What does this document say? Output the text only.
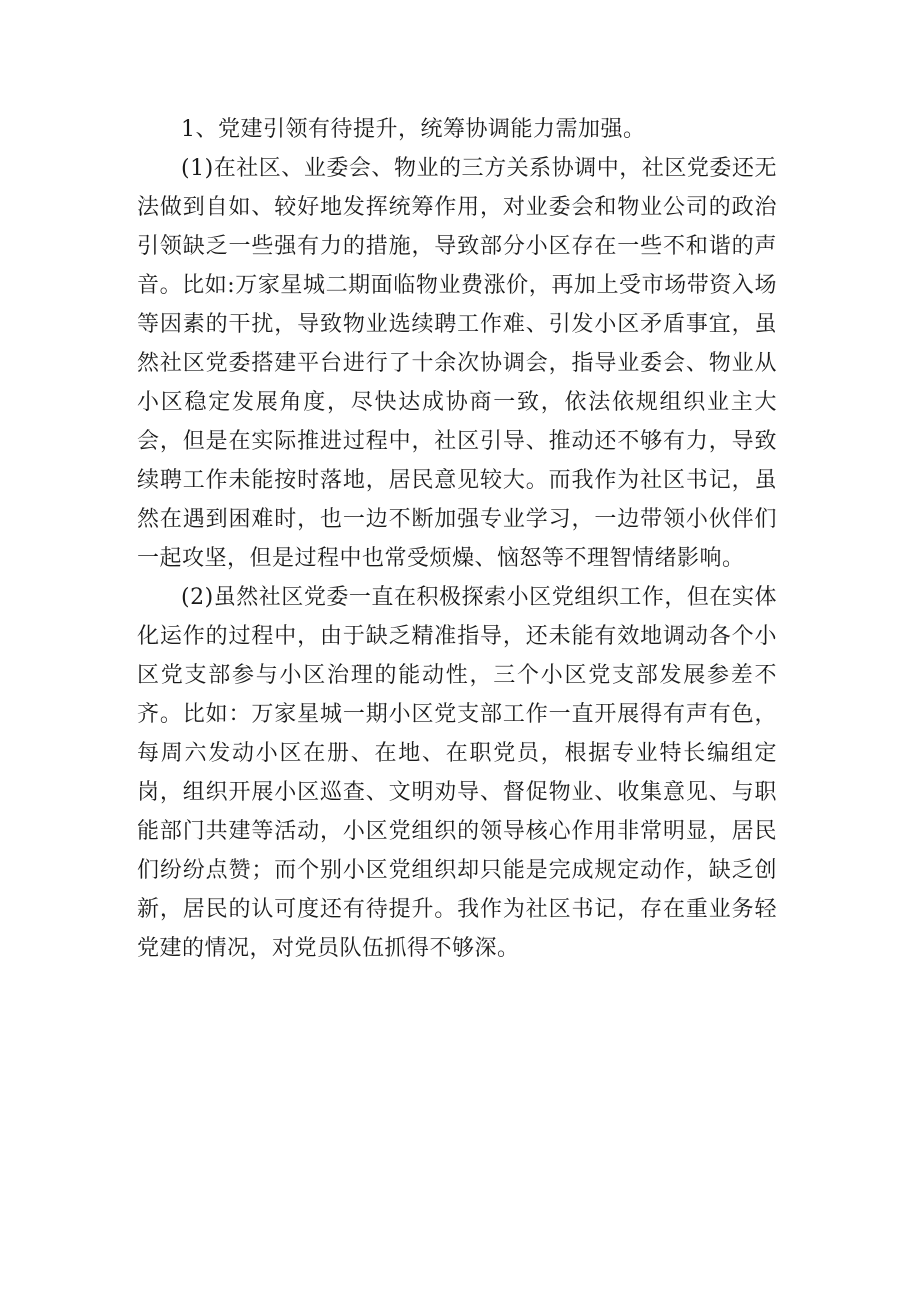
1、党建引领有待提升，统筹协调能力需加强。

(1)在社区、业委会、物业的三方关系协调中，社区党委还无法做到自如、较好地发挥统筹作用，对业委会和物业公司的政治引领缺乏一些强有力的措施，导致部分小区存在一些不和谐的声音。比如:万家星城二期面临物业费涨价，再加上受市场带资入场等因素的干扰，导致物业选续聘工作难、引发小区矛盾事宜，虽然社区党委搭建平台进行了十余次协调会，指导业委会、物业从小区稳定发展角度，尽快达成协商一致，依法依规组织业主大会，但是在实际推进过程中，社区引导、推动还不够有力，导致续聘工作未能按时落地，居民意见较大。而我作为社区书记，虽然在遇到困难时，也一边不断加强专业学习，一边带领小伙伴们一起攻坚，但是过程中也常受烦燥、恼怒等不理智情绪影响。

(2)虽然社区党委一直在积极探索小区党组织工作，但在实体化运作的过程中，由于缺乏精准指导，还未能有效地调动各个小区党支部参与小区治理的能动性，三个小区党支部发展参差不齐。比如：万家星城一期小区党支部工作一直开展得有声有色，每周六发动小区在册、在地、在职党员，根据专业特长编组定岗，组织开展小区巡查、文明劝导、督促物业、收集意见、与职能部门共建等活动，小区党组织的领导核心作用非常明显，居民们纷纷点赞；而个别小区党组织却只能是完成规定动作，缺乏创新，居民的认可度还有待提升。我作为社区书记，存在重业务轻党建的情况，对党员队伍抓得不够深。
